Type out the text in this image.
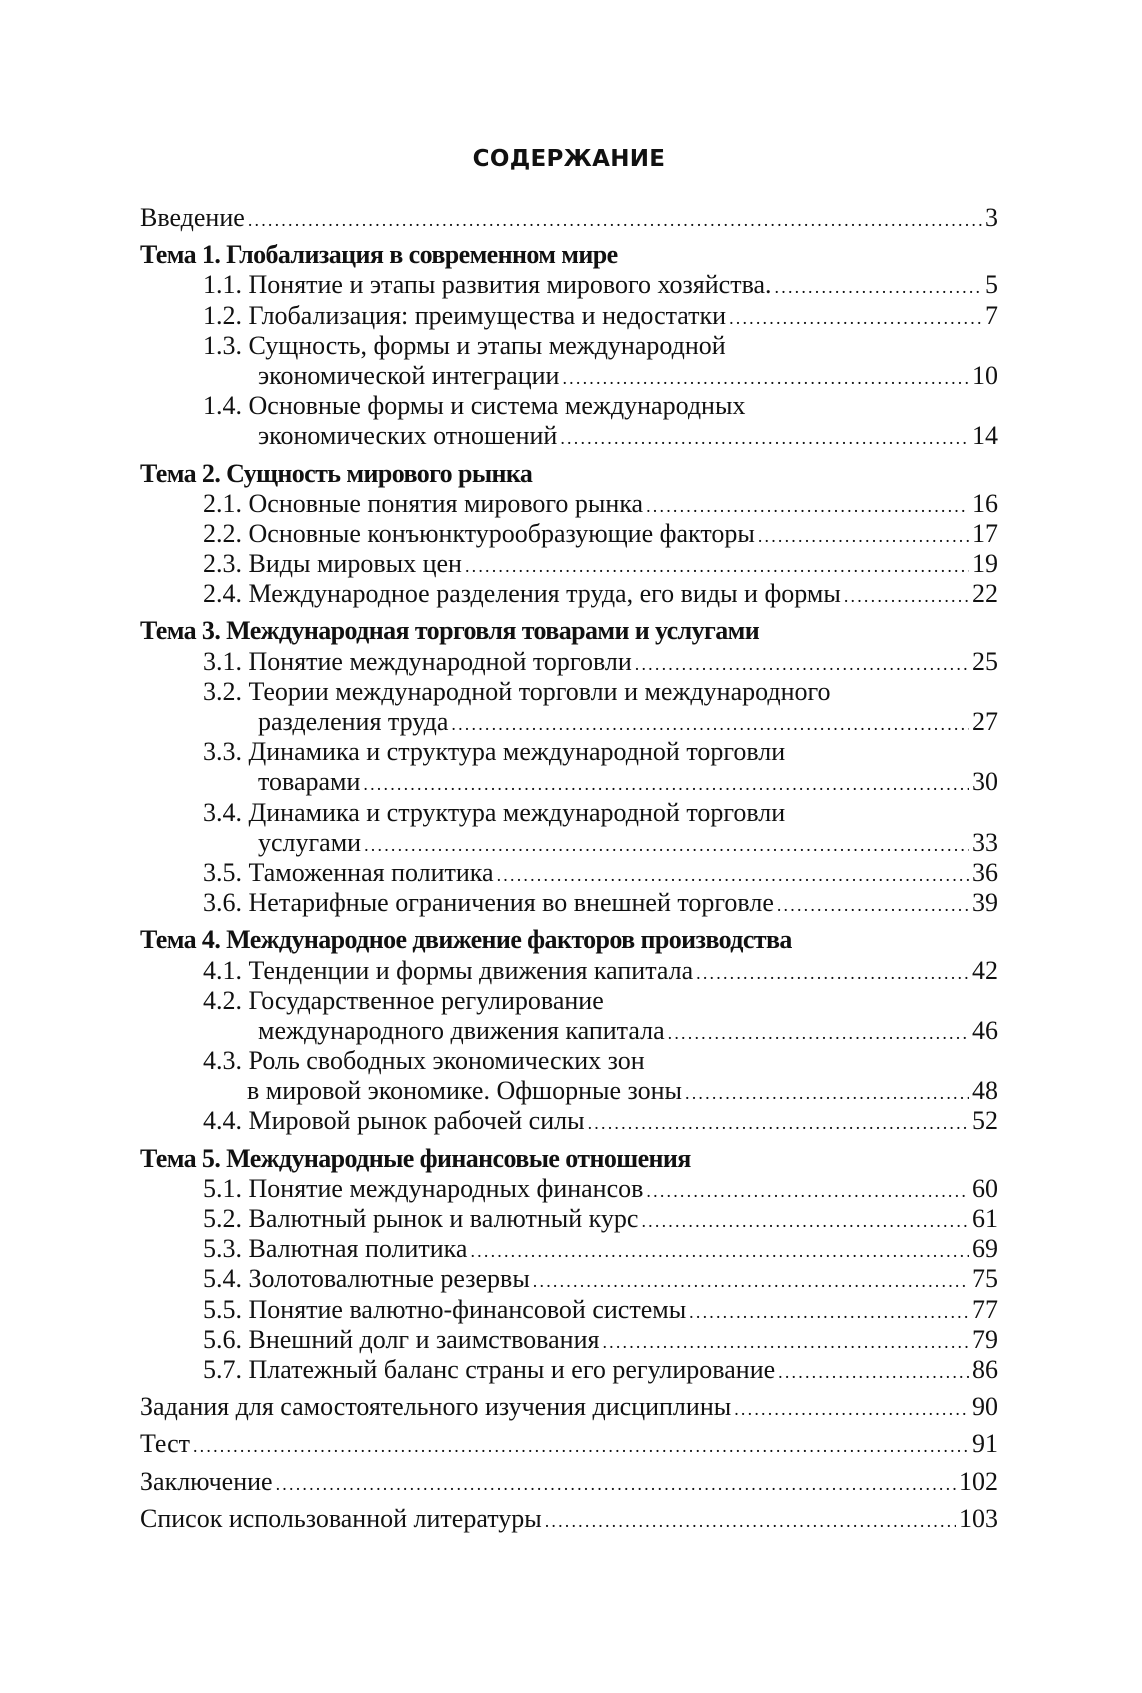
СОДЕРЖАНИЕ
Введение .....	3
Тема 1. Глобализация в современном мире
1.1. Понятие и этапы развития мирового хозяйства. .....	5
1.2. Глобализация: преимущества и недостатки .....	7
1.3. Сущность, формы и этапы международной
экономической интеграции .....	10
1.4. Основные формы и система международных
экономических отношений .....	14
Тема 2. Сущность мирового рынка
2.1. Основные понятия мирового рынка .....	16
2.2. Основные конъюнктурообразующие факторы .....	17
2.3. Виды мировых цен .....	19
2.4. Международное разделения труда, его виды и формы .....	22
Тема 3. Международная торговля товарами и услугами
3.1. Понятие международной торговли .....	25
3.2. Теории международной торговли и международного
разделения труда .....	27
3.3. Динамика и структура международной торговли
товарами .....	30
3.4. Динамика и структура международной торговли
услугами .....	33
3.5. Таможенная политика .....	36
3.6. Нетарифные ограничения во внешней торговле .....	39
Тема 4. Международное движение факторов производства
4.1. Тенденции и формы движения капитала .....	42
4.2. Государственное регулирование
международного движения капитала .....	46
4.3. Роль свободных экономических зон
в мировой экономике. Офшорные зоны .....	48
4.4. Мировой рынок рабочей силы .....	52
Тема 5. Международные финансовые отношения
5.1. Понятие международных финансов .....	60
5.2. Валютный рынок и валютный курс .....	61
5.3. Валютная политика .....	69
5.4. Золотовалютные резервы .....	75
5.5. Понятие валютно-финансовой системы .....	77
5.6. Внешний долг и заимствования .....	79
5.7. Платежный баланс страны и его регулирование .....	86
Задания для самостоятельного изучения дисциплины .....	90
Тест .....	91
Заключение .....	102
Список использованной литературы .....	103
